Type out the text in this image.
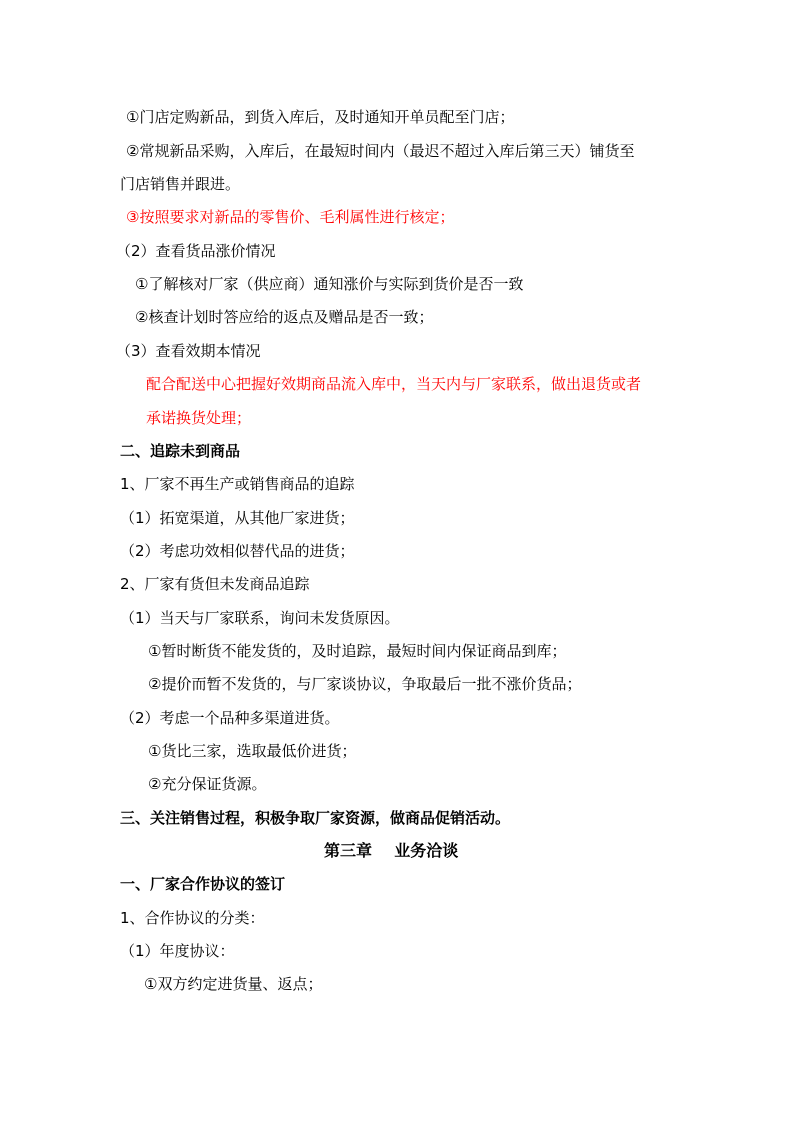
①门店定购新品，到货入库后，及时通知开单员配至门店；
②常规新品采购，入库后，在最短时间内（最迟不超过入库后第三天）铺货至
门店销售并跟进。
③按照要求对新品的零售价、毛利属性进行核定；
（2）查看货品涨价情况
①了解核对厂家（供应商）通知涨价与实际到货价是否一致
②核查计划时答应给的返点及赠品是否一致；
（3）查看效期本情况
配合配送中心把握好效期商品流入库中，当天内与厂家联系，做出退货或者
承诺换货处理；
二、追踪未到商品
1、厂家不再生产或销售商品的追踪
（1）拓宽渠道，从其他厂家进货；
（2）考虑功效相似替代品的进货；
2、厂家有货但未发商品追踪
（1）当天与厂家联系，询问未发货原因。
①暂时断货不能发货的，及时追踪，最短时间内保证商品到库；
②提价而暂不发货的，与厂家谈协议，争取最后一批不涨价货品；
（2）考虑一个品种多渠道进货。
①货比三家，选取最低价进货；
②充分保证货源。
三、关注销售过程，积极争取厂家资源，做商品促销活动。
第三章    业务洽谈
一、厂家合作协议的签订
1、合作协议的分类：
（1）年度协议：
①双方约定进货量、返点；
